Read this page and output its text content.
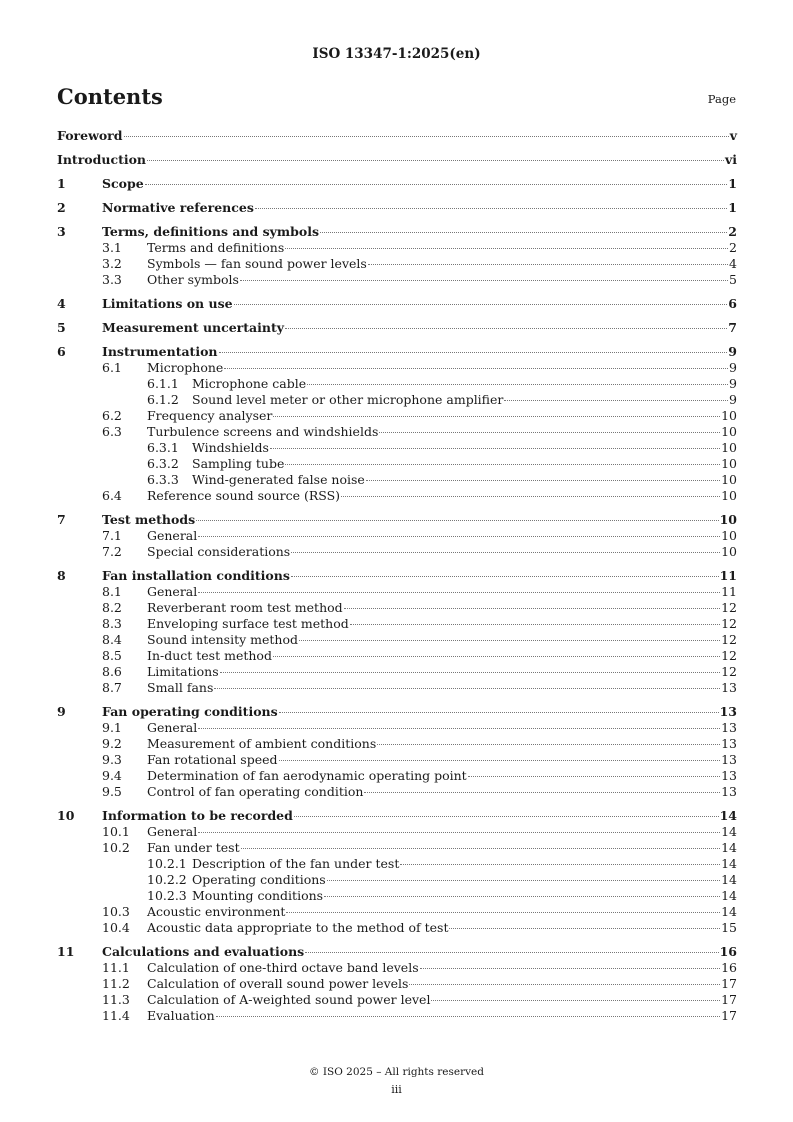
ISO 13347-1:2025(en)
Contents	Page
Foreword	v
Introduction	vi
1	Scope	1
2	Normative references	1
3	Terms, definitions and symbols	2
3.1	Terms and definitions	2
3.2	Symbols — fan sound power levels	4
3.3	Other symbols	5
4	Limitations on use	6
5	Measurement uncertainty	7
6	Instrumentation	9
6.1	Microphone	9
6.1.1	Microphone cable	9
6.1.2	Sound level meter or other microphone amplifier	9
6.2	Frequency analyser	10
6.3	Turbulence screens and windshields	10
6.3.1	Windshields	10
6.3.2	Sampling tube	10
6.3.3	Wind-generated false noise	10
6.4	Reference sound source (RSS)	10
7	Test methods	10
7.1	General	10
7.2	Special considerations	10
8	Fan installation conditions	11
8.1	General	11
8.2	Reverberant room test method	12
8.3	Enveloping surface test method	12
8.4	Sound intensity method	12
8.5	In-duct test method	12
8.6	Limitations	12
8.7	Small fans	13
9	Fan operating conditions	13
9.1	General	13
9.2	Measurement of ambient conditions	13
9.3	Fan rotational speed	13
9.4	Determination of fan aerodynamic operating point	13
9.5	Control of fan operating condition	13
10	Information to be recorded	14
10.1	General	14
10.2	Fan under test	14
10.2.1 Description of the fan under test	14
10.2.2 Operating conditions	14
10.2.3 Mounting conditions	14
10.3	Acoustic environment	14
10.4	Acoustic data appropriate to the method of test	15
11	Calculations and evaluations	16
11.1	Calculation of one-third octave band levels	16
11.2	Calculation of overall sound power levels	17
11.3	Calculation of A-weighted sound power level	17
11.4	Evaluation	17
© ISO 2025 – All rights reserved
iii
